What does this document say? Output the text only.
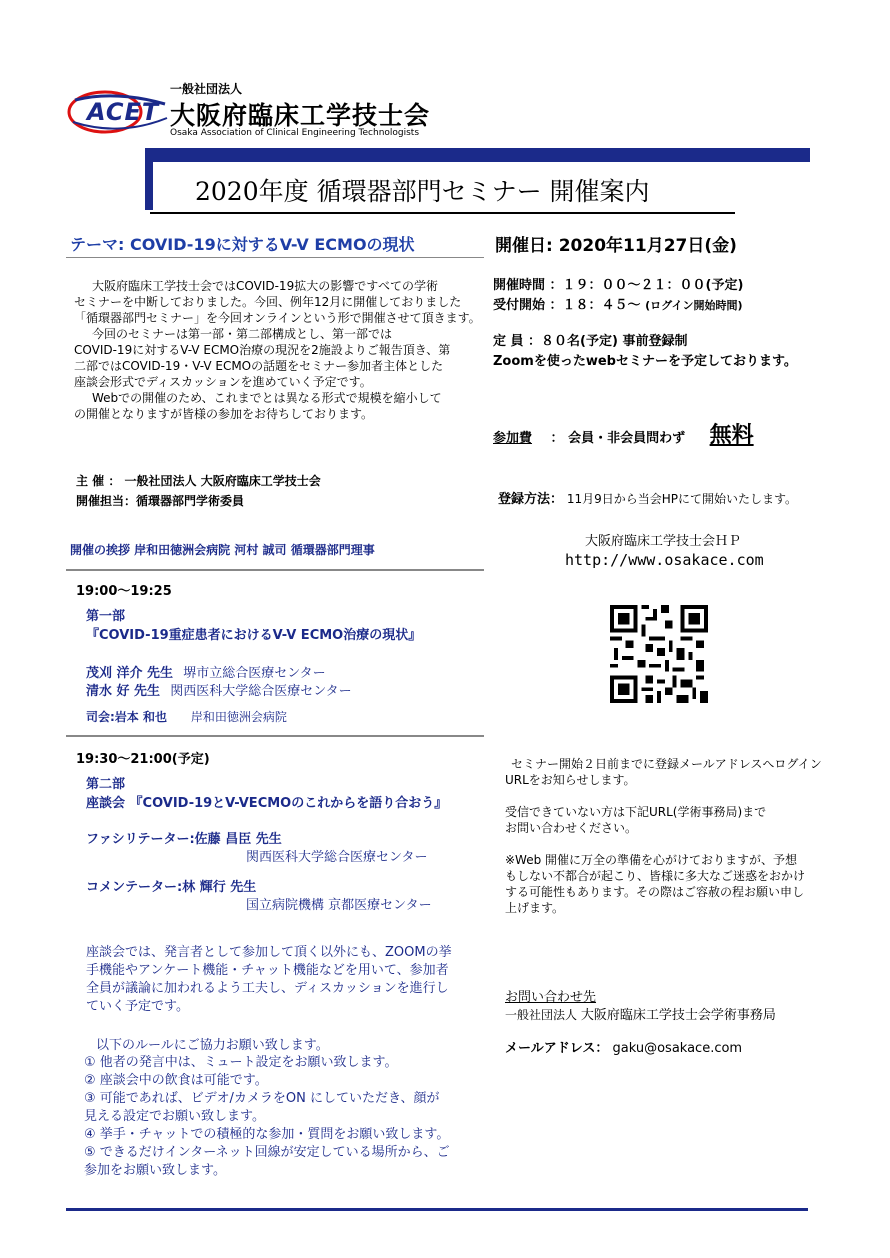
ACET
一般社団法人
大阪府臨床工学技士会
Osaka Association of Clinical Engineering Technologists
2020年度 循環器部門セミナー 開催案内
テーマ: COVID-19に対するV-V ECMOの現状	開催日: 2020年11月27日(金)
大阪府臨床工学技士会ではCOVID-19拡大の影響ですべての学術
セミナーを中断しておりました。今回、例年12月に開催しておりました
「循環器部門セミナー」を今回オンラインという形で開催させて頂きます。
今回のセミナーは第一部・第二部構成とし、第一部では
COVID-19に対するV-V ECMO治療の現況を2施設よりご報告頂き、第
二部ではCOVID-19・V-V ECMOの話題をセミナー参加者主体とした
座談会形式でディスカッションを進めていく予定です。
Webでの開催のため、これまでとは異なる形式で規模を縮小して
の開催となりますが皆様の参加をお待ちしております。
開催時間 ：１９：００～２１：００(予定)
受付開始 ：１８：４５～ (ログイン開始時間)
定 員 ：８０名(予定) 事前登録制
Zoomを使ったwebセミナーを予定しております。
参加費 ： 会員・非会員問わず 無料
主 催 ： 一般社団法人 大阪府臨床工学技士会
開催担当：循環器部門学術委員	登録方法： 11月9日から当会HPにて開始いたします。
大阪府臨床工学技士会ＨＰ
http://www.osakace.com
開催の挨拶 岸和田徳洲会病院 河村 誠司 循環器部門理事
19:00～19:25
第一部
『COVID-19重症患者におけるV-V ECMO治療の現状』
茂刈 洋介 先生 堺市立総合医療センター
清水 好 先生 関西医科大学総合医療センター
司会:岩本 和也 岸和田徳洲会病院
19:30～21:00(予定)
第二部
座談会 『COVID-19とV-VECMOのこれからを語り合おう』
ファシリテーター:佐藤 昌臣 先生
関西医科大学総合医療センター
コメンテーター:林 輝行 先生
国立病院機構 京都医療センター
座談会では、発言者として参加して頂く以外にも、ZOOMの挙
手機能やアンケート機能・チャット機能などを用いて、参加者
全員が議論に加われるよう工夫し、ディスカッションを進行し
ていく予定です。
以下のルールにご協力お願い致します。
① 他者の発言中は、ミュート設定をお願い致します。
② 座談会中の飲食は可能です。
③ 可能であれば、ビデオ/カメラをON にしていただき、顔が
見える設定でお願い致します。
④ 挙手・チャットでの積極的な参加・質問をお願い致します。
⑤ できるだけインターネット回線が安定している場所から、ご
参加をお願い致します。
セミナー開始２日前までに登録メールアドレスへログイン
URLをお知らせします。
受信できていない方は下記URL(学術事務局)まで
お問い合わせください。
※Web 開催に万全の準備を心がけておりますが、予想
もしない不都合が起こり、皆様に多大なご迷惑をおかけ
する可能性もあります。その際はご容赦の程お願い申し
上げます。
お問い合わせ先
一般社団法人 大阪府臨床工学技士会学術事務局
メールアドレス： gaku@osakace.com
